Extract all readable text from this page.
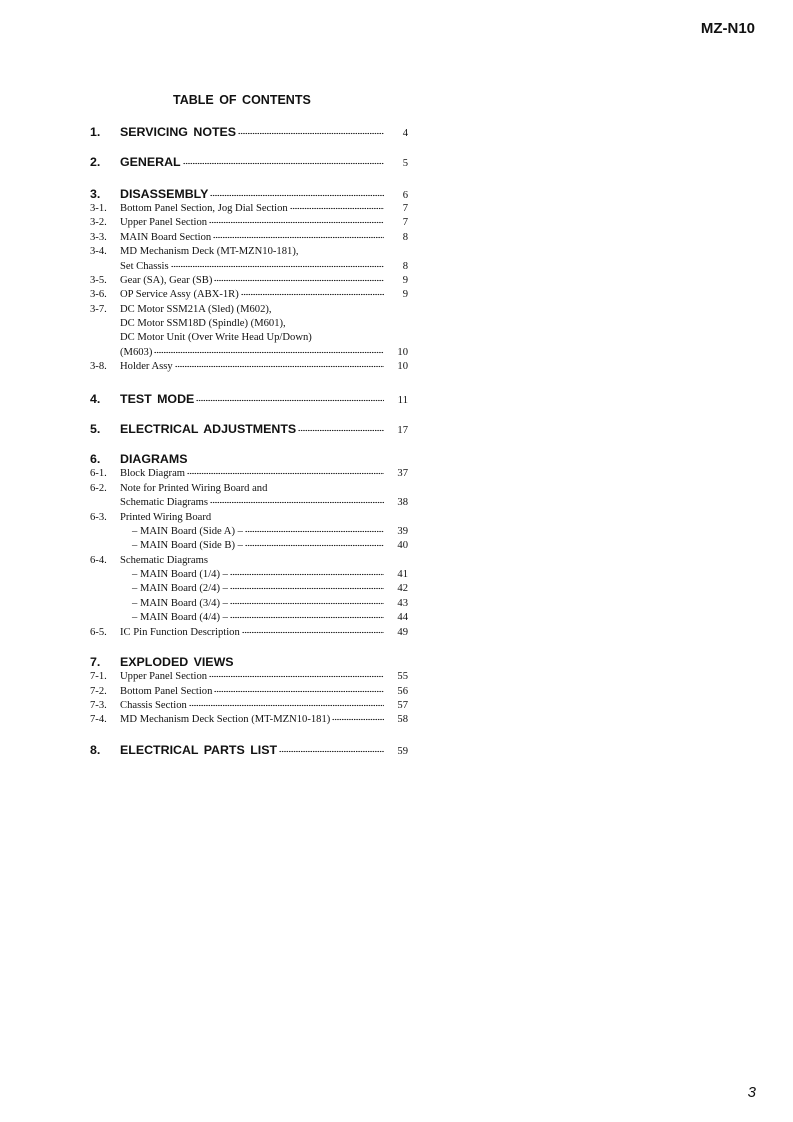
MZ-N10
TABLE OF CONTENTS
1.	SERVICING NOTES	4
2.	GENERAL	5
3.	DISASSEMBLY	6
3-1.	Bottom Panel Section, Jog Dial Section	7
3-2.	Upper Panel Section	7
3-3.	MAIN Board Section	8
3-4.	MD Mechanism Deck (MT-MZN10-181),
Set Chassis	8
3-5.	Gear (SA), Gear (SB)	9
3-6.	OP Service Assy (ABX-1R)	9
3-7.	DC Motor SSM21A (Sled) (M602),
DC Motor SSM18D (Spindle) (M601),
DC Motor Unit (Over Write Head Up/Down)
(M603)	10
3-8.	Holder Assy	10
4.	TEST MODE	11
5.	ELECTRICAL ADJUSTMENTS	17
6.	DIAGRAMS
6-1.	Block Diagram	37
6-2.	Note for Printed Wiring Board and
Schematic Diagrams	38
6-3.	Printed Wiring Board
– MAIN Board (Side A) –	39
– MAIN Board (Side B) –	40
6-4.	Schematic Diagrams
– MAIN Board (1/4) –	41
– MAIN Board (2/4) –	42
– MAIN Board (3/4) –	43
– MAIN Board (4/4) –	44
6-5.	IC Pin Function Description	49
7.	EXPLODED VIEWS
7-1.	Upper Panel Section	55
7-2.	Bottom Panel Section	56
7-3.	Chassis Section	57
7-4.	MD Mechanism Deck Section (MT-MZN10-181)	58
8.	ELECTRICAL PARTS LIST	59
3
